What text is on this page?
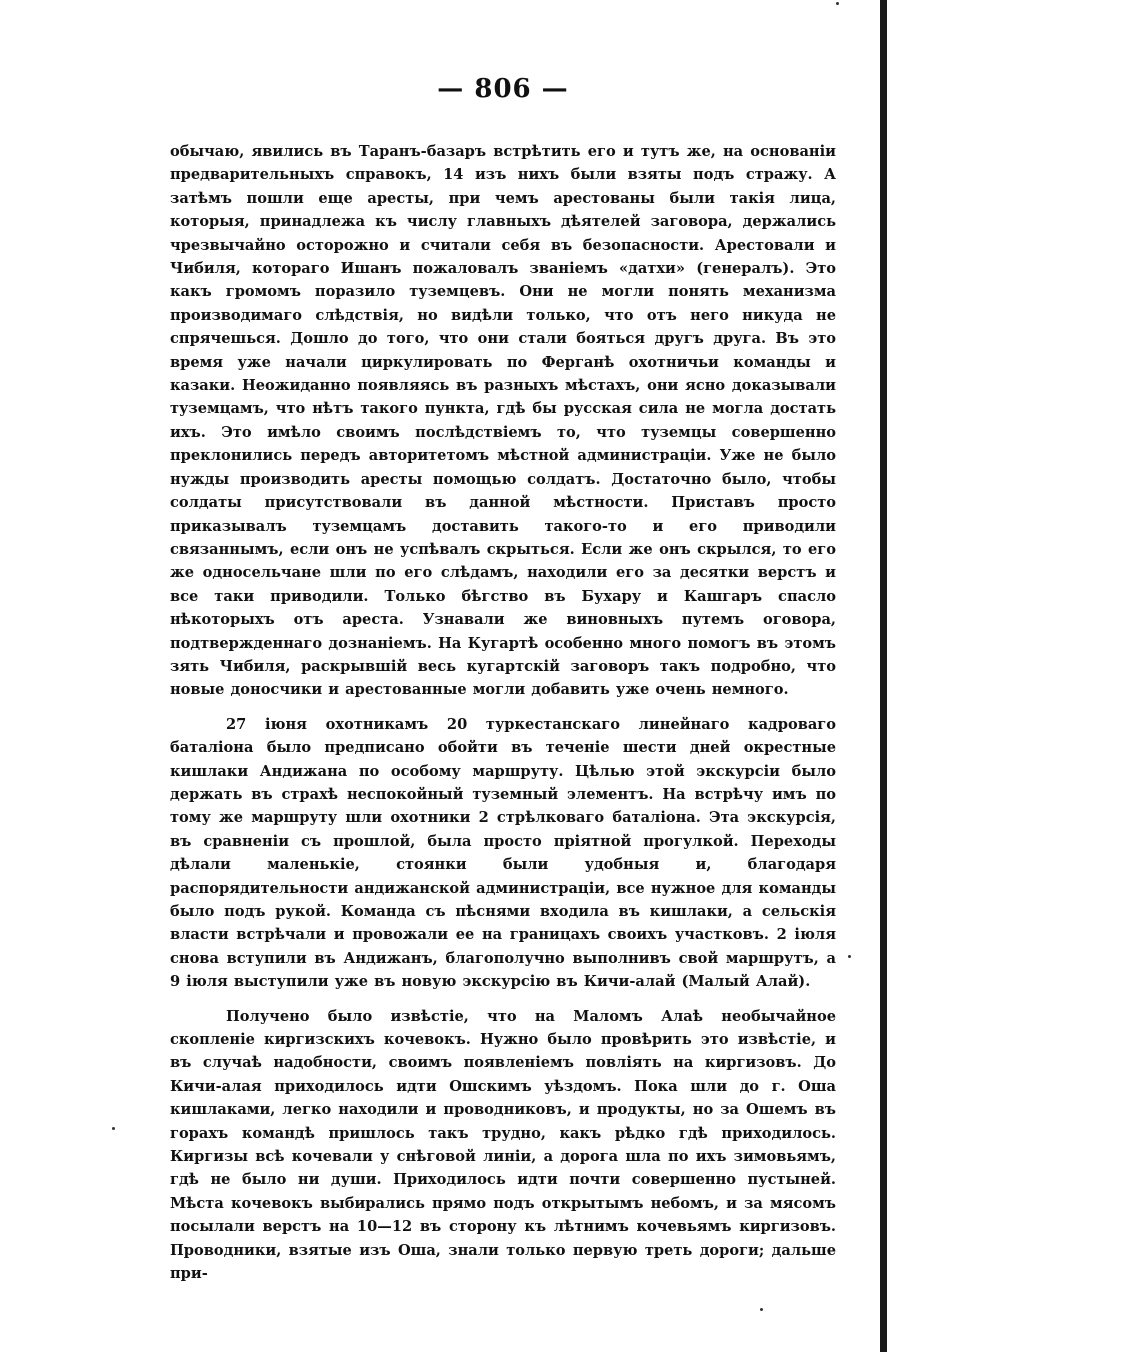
— 806 —

обычаю, явились въ Таранъ-базаръ встрѣтить его и тутъ же, на основаніи предварительныхъ справокъ, 14 изъ нихъ были взяты подъ стражу. А затѣмъ пошли еще аресты, при чемъ арестованы были такія лица, которыя, принадлежа къ числу главныхъ дѣятелей заговора, держались чрезвычайно осторожно и считали себя въ безопасности. Арестовали и Чибиля, котораго Ишанъ пожаловалъ званіемъ «датхи» (генералъ). Это какъ громомъ поразило туземцевъ. Они не могли понять механизма производимаго слѣдствія, но видѣли только, что отъ него никуда не спрячешься. Дошло до того, что они стали бояться другъ друга. Въ это время уже начали циркулировать по Ферганѣ охотничьи команды и казаки. Неожиданно появляясь въ разныхъ мѣстахъ, они ясно доказывали туземцамъ, что нѣтъ такого пункта, гдѣ бы русская сила не могла достать ихъ. Это имѣло своимъ послѣдствіемъ то, что туземцы совершенно преклонились передъ авторитетомъ мѣстной администраціи. Уже не было нужды производить аресты помощью солдатъ. Достаточно было, чтобы солдаты присутствовали въ данной мѣстности. Приставъ просто приказывалъ туземцамъ доставить такого-то и его приводили связаннымъ, если онъ не успѣвалъ скрыться. Если же онъ скрылся, то его же односельчане шли по его слѣдамъ, находили его за десятки верстъ и все таки приводили. Только бѣгство въ Бухару и Кашгаръ спасло нѣкоторыхъ отъ ареста. Узнавали же виновныхъ путемъ оговора, подтвержденнаго дознаніемъ. На Кугартѣ особенно много помогъ въ этомъ зять Чибиля, раскрывшій весь кугартскій заговоръ такъ подробно, что новые доносчики и арестованные могли добавить уже очень немного.

27 іюня охотникамъ 20 туркестанскаго линейнаго кадроваго баталіона было предписано обойти въ теченіе шести дней окрестные кишлаки Андижана по особому маршруту. Цѣлью этой экскурсіи было держать въ страхѣ неспокойный туземный элементъ. На встрѣчу имъ по тому же маршруту шли охотники 2 стрѣлковаго баталіона. Эта экскурсія, въ сравненіи съ прошлой, была просто пріятной прогулкой. Переходы дѣлали маленькіе, стоянки были удобныя и, благодаря распорядительности андижанской администраціи, все нужное для команды было подъ рукой. Команда съ пѣснями входила въ кишлаки, а сельскія власти встрѣчали и провожали ее на границахъ своихъ участковъ. 2 іюля снова вступили въ Андижанъ, благополучно выполнивъ свой маршрутъ, а 9 іюля выступили уже въ новую экскурсію въ Кичи-алай (Малый Алай).

Получено было извѣстіе, что на Маломъ Алаѣ необычайное скопленіе киргизскихъ кочевокъ. Нужно было провѣрить это извѣстіе, и въ случаѣ надобности, своимъ появленіемъ повліять на киргизовъ. До Кичи-алая приходилось идти Ошскимъ уѣздомъ. Пока шли до г. Оша кишлаками, легко находили и проводниковъ, и продукты, но за Ошемъ въ горахъ командѣ пришлось такъ трудно, какъ рѣдко гдѣ приходилось. Киргизы всѣ кочевали у снѣговой линіи, а дорога шла по ихъ зимовьямъ, гдѣ не было ни души. Приходилось идти почти совершенно пустыней. Мѣста кочевокъ выбирались прямо подъ открытымъ небомъ, и за мясомъ посылали верстъ на 10—12 въ сторону къ лѣтнимъ кочевьямъ киргизовъ. Проводники, взятые изъ Оша, знали только первую треть дороги; дальше при-
